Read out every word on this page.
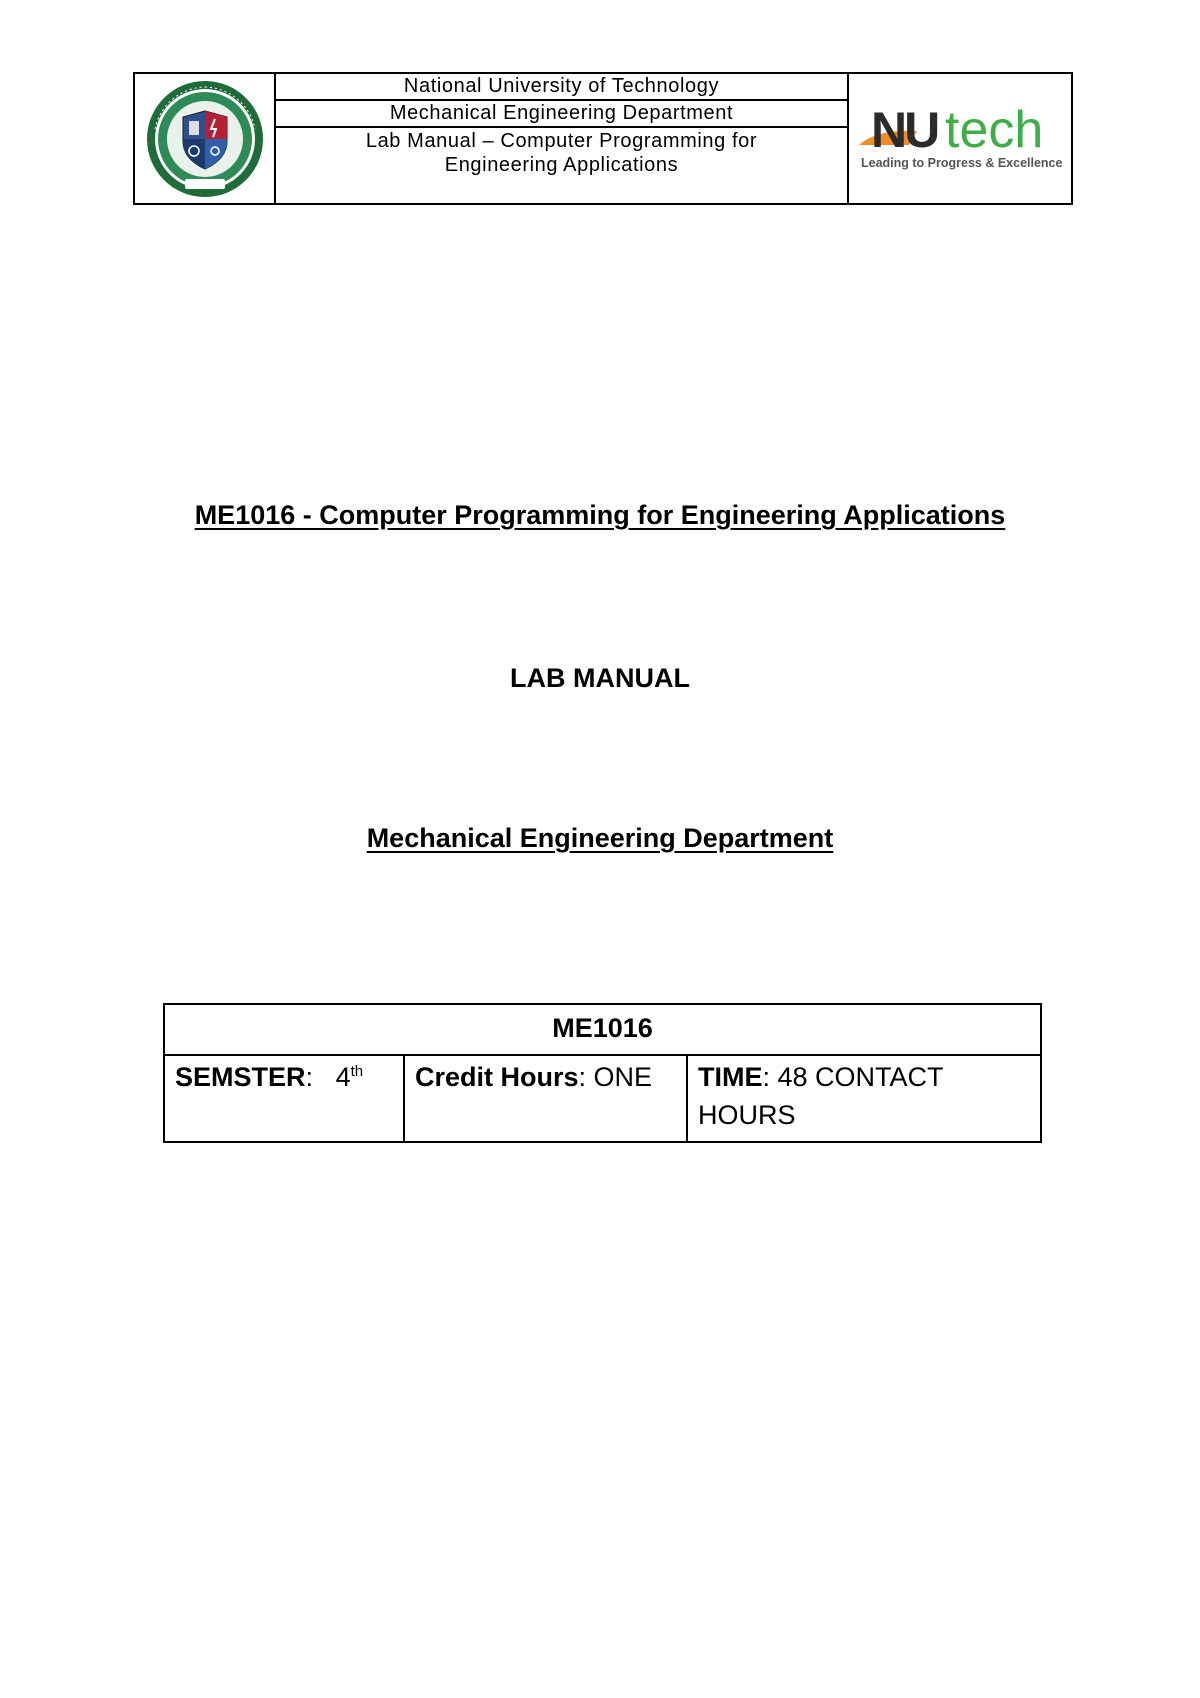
National University of Technology
Mechanical Engineering Department
Lab Manual – Computer Programming for
Engineering Applications
NU tech
Leading to Progress & Excellence
ME1016 - Computer Programming for Engineering Applications
LAB MANUAL
Mechanical Engineering Department
ME1016
SEMSTER: 4th	Credit Hours: ONE	TIME: 48 CONTACT HOURS
